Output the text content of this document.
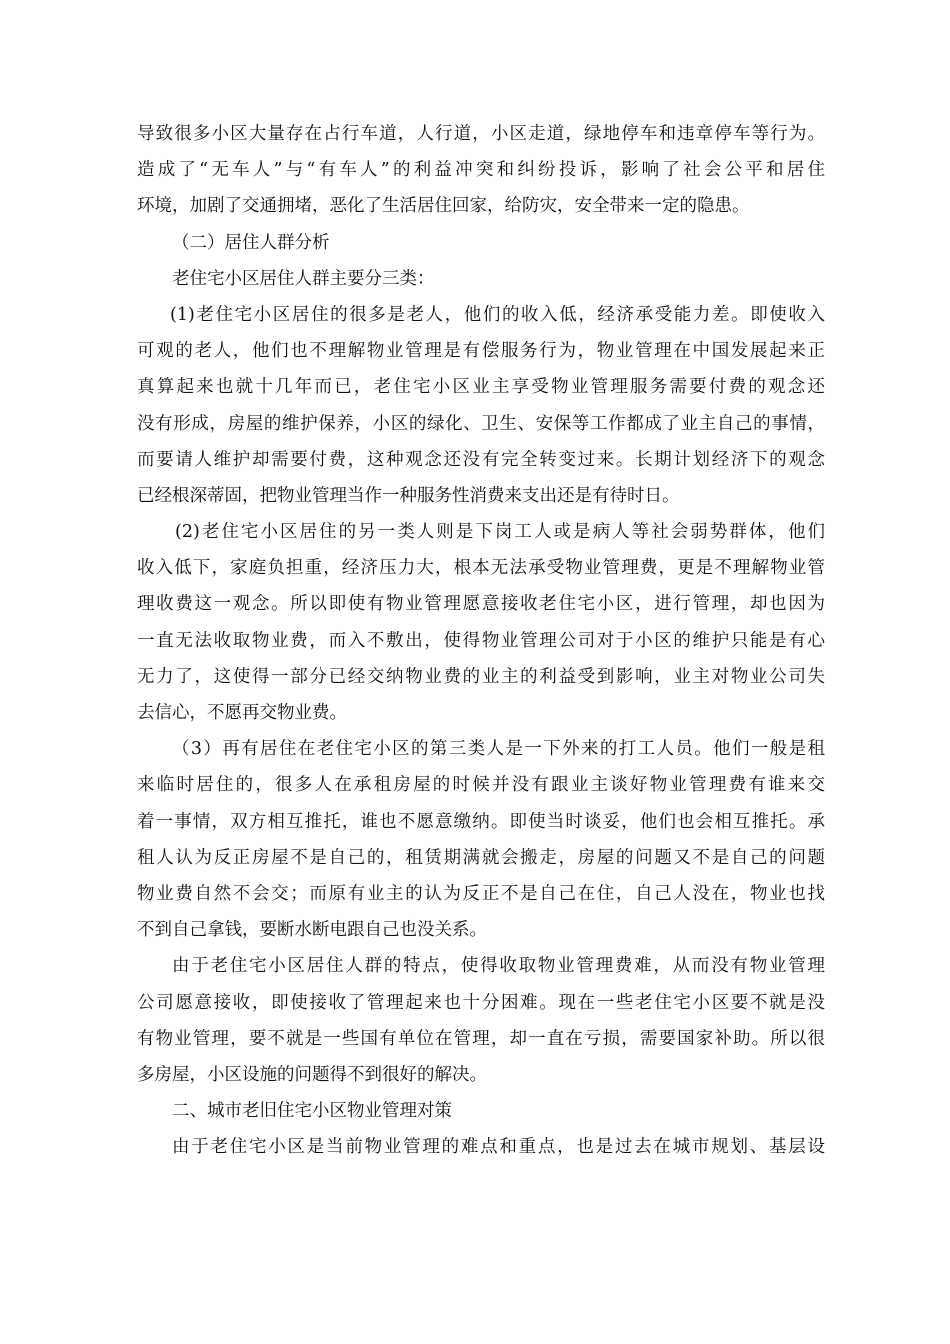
导致很多小区大量存在占行车道，人行道，小区走道，绿地停车和违章停车等行为。
造成了“无车人”与“有车人”的利益冲突和纠纷投诉，影响了社会公平和居住
环境，加剧了交通拥堵，恶化了生活居住回家，给防灾，安全带来一定的隐患。
（二）居住人群分析
老住宅小区居住人群主要分三类：
(1)老住宅小区居住的很多是老人，他们的收入低，经济承受能力差。即使收入
可观的老人，他们也不理解物业管理是有偿服务行为，物业管理在中国发展起来正
真算起来也就十几年而已，老住宅小区业主享受物业管理服务需要付费的观念还
没有形成，房屋的维护保养，小区的绿化、卫生、安保等工作都成了业主自己的事情，
而要请人维护却需要付费，这种观念还没有完全转变过来。长期计划经济下的观念
已经根深蒂固，把物业管理当作一种服务性消费来支出还是有待时日。
(2)老住宅小区居住的另一类人则是下岗工人或是病人等社会弱势群体，他们
收入低下，家庭负担重，经济压力大，根本无法承受物业管理费，更是不理解物业管
理收费这一观念。所以即使有物业管理愿意接收老住宅小区，进行管理，却也因为
一直无法收取物业费，而入不敷出，使得物业管理公司对于小区的维护只能是有心
无力了，这使得一部分已经交纳物业费的业主的利益受到影响，业主对物业公司失
去信心，不愿再交物业费。
（3）再有居住在老住宅小区的第三类人是一下外来的打工人员。他们一般是租
来临时居住的，很多人在承租房屋的时候并没有跟业主谈好物业管理费有谁来交
着一事情，双方相互推托，谁也不愿意缴纳。即使当时谈妥，他们也会相互推托。承
租人认为反正房屋不是自己的，租赁期满就会搬走，房屋的问题又不是自己的问题
物业费自然不会交；而原有业主的认为反正不是自己在住，自己人没在，物业也找
不到自己拿钱，要断水断电跟自己也没关系。
由于老住宅小区居住人群的特点，使得收取物业管理费难，从而没有物业管理
公司愿意接收，即使接收了管理起来也十分困难。现在一些老住宅小区要不就是没
有物业管理，要不就是一些国有单位在管理，却一直在亏损，需要国家补助。所以很
多房屋，小区设施的问题得不到很好的解决。
二、城市老旧住宅小区物业管理对策
由于老住宅小区是当前物业管理的难点和重点，也是过去在城市规划、基层设
